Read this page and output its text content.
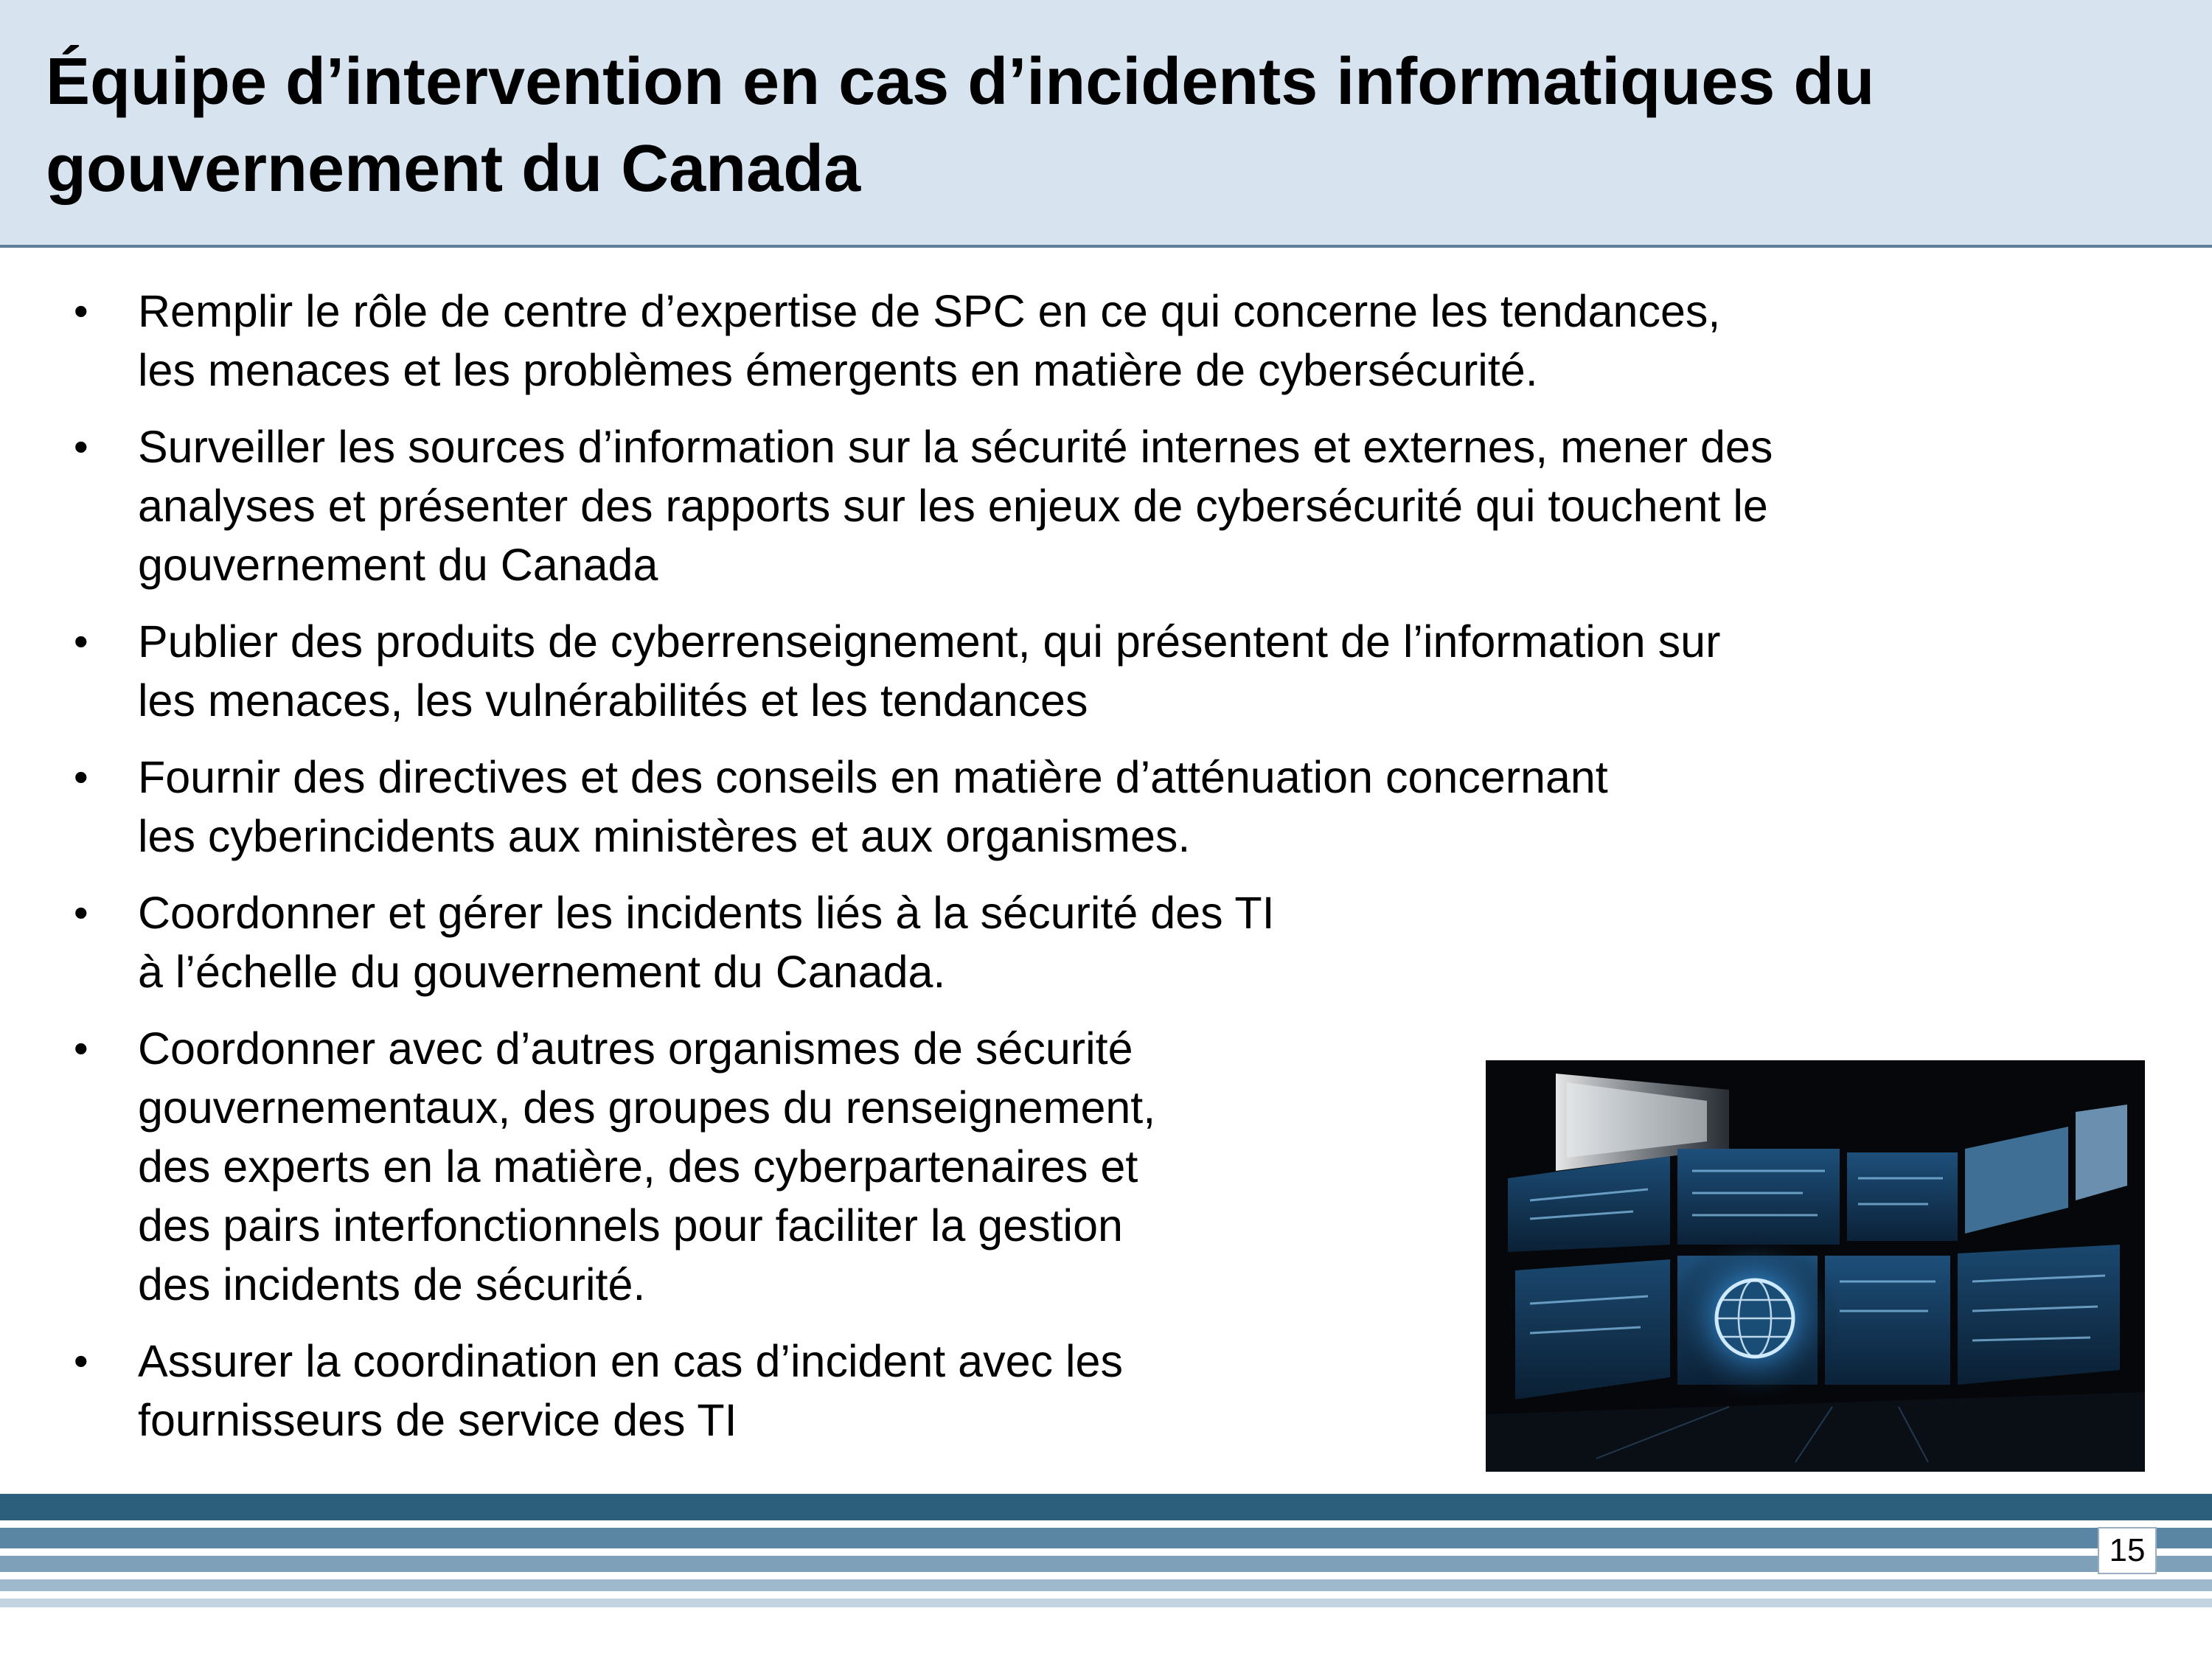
Équipe d’intervention en cas d’incidents informatiques du gouvernement du Canada
• Remplir le rôle de centre d’expertise de SPC en ce qui concerne les tendances,
les menaces et les problèmes émergents en matière de cybersécurité.
• Surveiller les sources d’information sur la sécurité internes et externes, mener des
analyses et présenter des rapports sur les enjeux de cybersécurité qui touchent le
gouvernement du Canada
• Publier des produits de cyberrenseignement, qui présentent de l’information sur
les menaces, les vulnérabilités et les tendances
• Fournir des directives et des conseils en matière d’atténuation concernant
les cyberincidents aux ministères et aux organismes.
• Coordonner et gérer les incidents liés à la sécurité des TI
à l’échelle du gouvernement du Canada.
• Coordonner avec d’autres organismes de sécurité
gouvernementaux, des groupes du renseignement,
des experts en la matière, des cyberpartenaires et
des pairs interfonctionnels pour faciliter la gestion
des incidents de sécurité.
• Assurer la coordination en cas d’incident avec les
fournisseurs de service des TI
15
